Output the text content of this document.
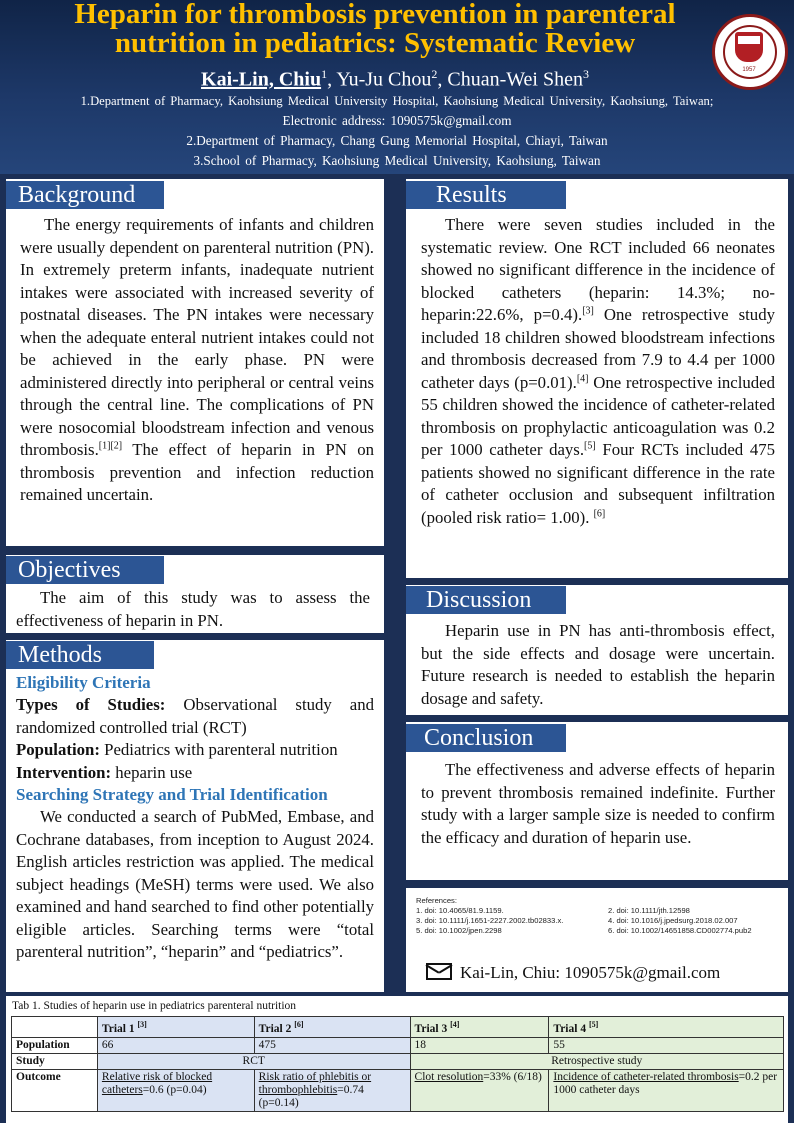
Heparin for thrombosis prevention in parenteral
nutrition in pediatrics: Systematic Review
Kai-Lin, Chiu$^1$, Yu-Ju Chou$^2$, Chuan-Wei Shen$^3$
1.Department of Pharmacy, Kaohsiung Medical University Hospital, Kaohsiung Medical University, Kaohsiung, Taiwan;
Electronic address: 1090575k@gmail.com
2.Department of Pharmacy, Chang Gung Memorial Hospital, Chiayi, Taiwan
3.School of Pharmacy, Kaohsiung Medical University, Kaohsiung, Taiwan
1957
Background
The energy requirements of infants and children were usually dependent on parenteral nutrition (PN). In extremely preterm infants, inadequate nutrient intakes were associated with increased severity of postnatal diseases. The PN intakes were necessary when the adequate enteral nutrient intakes could not be achieved in the early phase. PN were administered directly into peripheral or central veins through the central line. The complications of PN were nosocomial bloodstream infection and venous thrombosis.[1][2] The effect of heparin in PN on thrombosis prevention and infection reduction remained uncertain.
Objectives
The aim of this study was to assess the effectiveness of heparin in PN.
Methods
Eligibility Criteria
Types of Studies: Observational study and randomized controlled trial (RCT)
Population: Pediatrics with parenteral nutrition
Intervention: heparin use
Searching Strategy and Trial Identification
We conducted a search of PubMed, Embase, and Cochrane databases, from inception to August 2024. English articles restriction was applied. The medical subject headings (MeSH) terms were used. We also examined and hand searched to find other potentially eligible articles. Searching terms were “total parenteral nutrition”, “heparin” and “pediatrics”.
Results
There were seven studies included in the systematic review. One RCT included 66 neonates showed no significant difference in the incidence of blocked catheters (heparin: 14.3%; no-heparin:22.6%, p=0.4).[3] One retrospective study included 18 children showed bloodstream infections and thrombosis decreased from 7.9 to 4.4 per 1000 catheter days (p=0.01).[4] One retrospective included 55 children showed the incidence of catheter-related thrombosis on prophylactic anticoagulation was 0.2 per 1000 catheter days.[5] Four RCTs included 475 patients showed no significant difference in the rate of catheter occlusion and subsequent infiltration (pooled risk ratio= 1.00). [6]
Discussion
Heparin use in PN has anti-thrombosis effect, but the side effects and dosage were uncertain. Future research is needed to establish the heparin dosage and safety.
Conclusion
The effectiveness and adverse effects of heparin to prevent thrombosis remained indefinite. Further study with a larger sample size is needed to confirm the efficacy and duration of heparin use.
References:
1. doi: 10.4065/81.9.1159.	2. doi: 10.1111/jth.12598
3. doi: 10.1111/j.1651-2227.2002.tb02833.x.	4. doi: 10.1016/j.jpedsurg.2018.02.007
5. doi: 10.1002/jpen.2298	6. doi: 10.1002/14651858.CD002774.pub2
Kai-Lin, Chiu: 1090575k@gmail.com
Tab 1. Studies of heparin use in pediatrics parenteral nutrition
	Trial 1 [3]	Trial 2 [6]	Trial 3 [4]	Trial 4 [5]
Population	66	475	18	55
Study	RCT		Retrospective study	
Outcome	Relative risk of blocked catheters=0.6 (p=0.04)	Risk ratio of phlebitis or thrombophlebitis=0.74 (p=0.14)	Clot resolution=33% (6/18)	Incidence of catheter-related thrombosis=0.2 per 1000 catheter days
